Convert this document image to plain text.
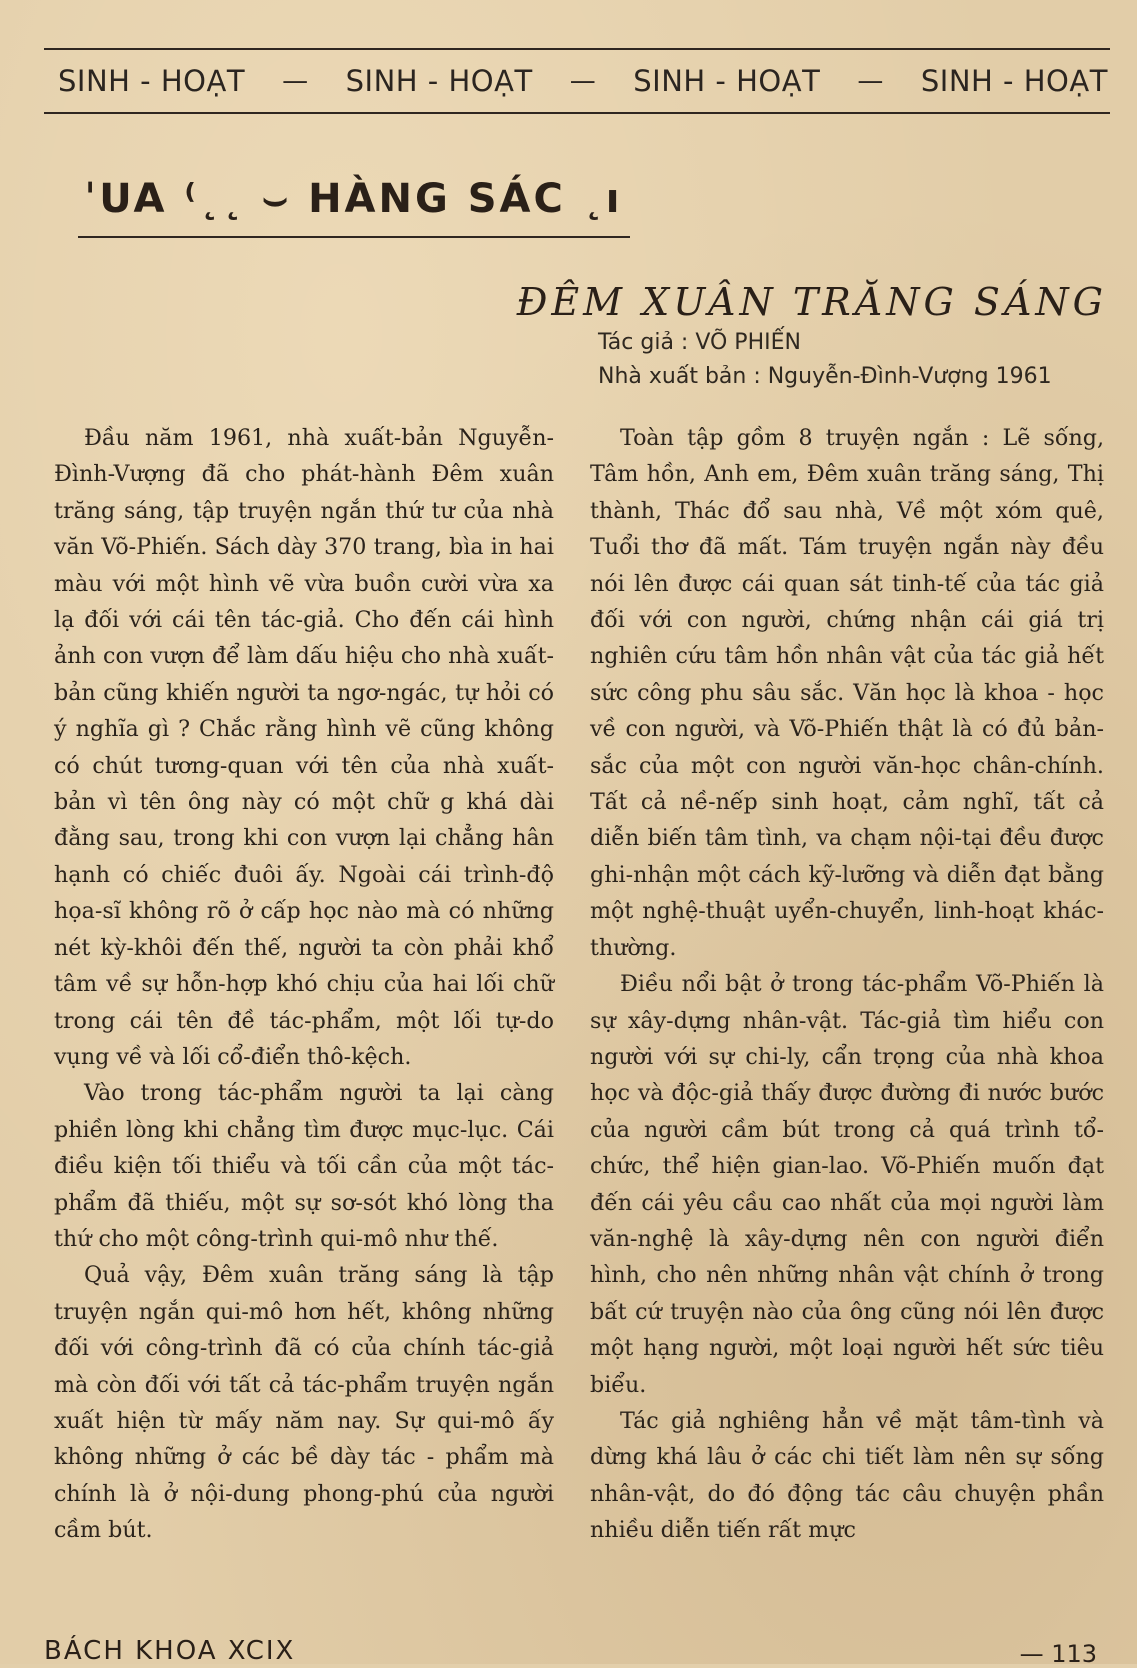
SINH - HOẠT — SINH - HOẠT — SINH - HOẠT — SINH - HOẠT
ˈUA ⁽˛˛ ⌣ HÀNG SÁC ˛ı
ĐÊM XUÂN TRĂNG SÁNG
Tác giả : VÕ PHIẾN
Nhà xuất bản : Nguyễn-Đình-Vượng 1961

Đầu năm 1961, nhà xuất-bản Nguyễn-Đình-Vượng đã cho phát-hành Đêm xuân trăng sáng, tập truyện ngắn thứ tư của nhà văn Võ-Phiến. Sách dày 370 trang, bìa in hai màu với một hình vẽ vừa buồn cười vừa xa lạ đối với cái tên tác-giả. Cho đến cái hình ảnh con vượn để làm dấu hiệu cho nhà xuất-bản cũng khiến người ta ngơ-ngác, tự hỏi có ý nghĩa gì ? Chắc rằng hình vẽ cũng không có chút tương-quan với tên của nhà xuất-bản vì tên ông này có một chữ g khá dài đằng sau, trong khi con vượn lại chẳng hân hạnh có chiếc đuôi ấy. Ngoài cái trình-độ họa-sĩ không rõ ở cấp học nào mà có những nét kỳ-khôi đến thế, người ta còn phải khổ tâm về sự hỗn-hợp khó chịu của hai lối chữ trong cái tên đề tác-phẩm, một lối tự-do vụng về và lối cổ-điển thô-kệch.

Vào trong tác-phẩm người ta lại càng phiền lòng khi chẳng tìm được mục-lục. Cái điều kiện tối thiểu và tối cần của một tác-phẩm đã thiếu, một sự sơ-sót khó lòng tha thứ cho một công-trình qui-mô như thế.

Quả vậy, Đêm xuân trăng sáng là tập truyện ngắn qui-mô hơn hết, không những đối với công-trình đã có của chính tác-giả mà còn đối với tất cả tác-phẩm truyện ngắn xuất hiện từ mấy năm nay. Sự qui-mô ấy không những ở các bề dày tác - phẩm mà chính là ở nội-dung phong-phú của người cầm bút.

Toàn tập gồm 8 truyện ngắn : Lẽ sống, Tâm hồn, Anh em, Đêm xuân trăng sáng, Thị thành, Thác đổ sau nhà, Về một xóm quê, Tuổi thơ đã mất. Tám truyện ngắn này đều nói lên được cái quan sát tinh-tế của tác giả đối với con người, chứng nhận cái giá trị nghiên cứu tâm hồn nhân vật của tác giả hết sức công phu sâu sắc. Văn học là khoa - học về con người, và Võ-Phiến thật là có đủ bản-sắc của một con người văn-học chân-chính. Tất cả nề-nếp sinh hoạt, cảm nghĩ, tất cả diễn biến tâm tình, va chạm nội-tại đều được ghi-nhận một cách kỹ-lưỡng và diễn đạt bằng một nghệ-thuật uyển-chuyển, linh-hoạt khác-thường.

Điều nổi bật ở trong tác-phẩm Võ-Phiến là sự xây-dựng nhân-vật. Tác-giả tìm hiểu con người với sự chi-ly, cẩn trọng của nhà khoa học và độc-giả thấy được đường đi nước bước của người cầm bút trong cả quá trình tổ-chức, thể hiện gian-lao. Võ-Phiến muốn đạt đến cái yêu cầu cao nhất của mọi người làm văn-nghệ là xây-dựng nên con người điển hình, cho nên những nhân vật chính ở trong bất cứ truyện nào của ông cũng nói lên được một hạng người, một loại người hết sức tiêu biểu.

Tác giả nghiêng hẳn về mặt tâm-tình và dừng khá lâu ở các chi tiết làm nên sự sống nhân-vật, do đó động tác câu chuyện phần nhiều diễn tiến rất mực

BÁCH KHOA XCIX	— 113
